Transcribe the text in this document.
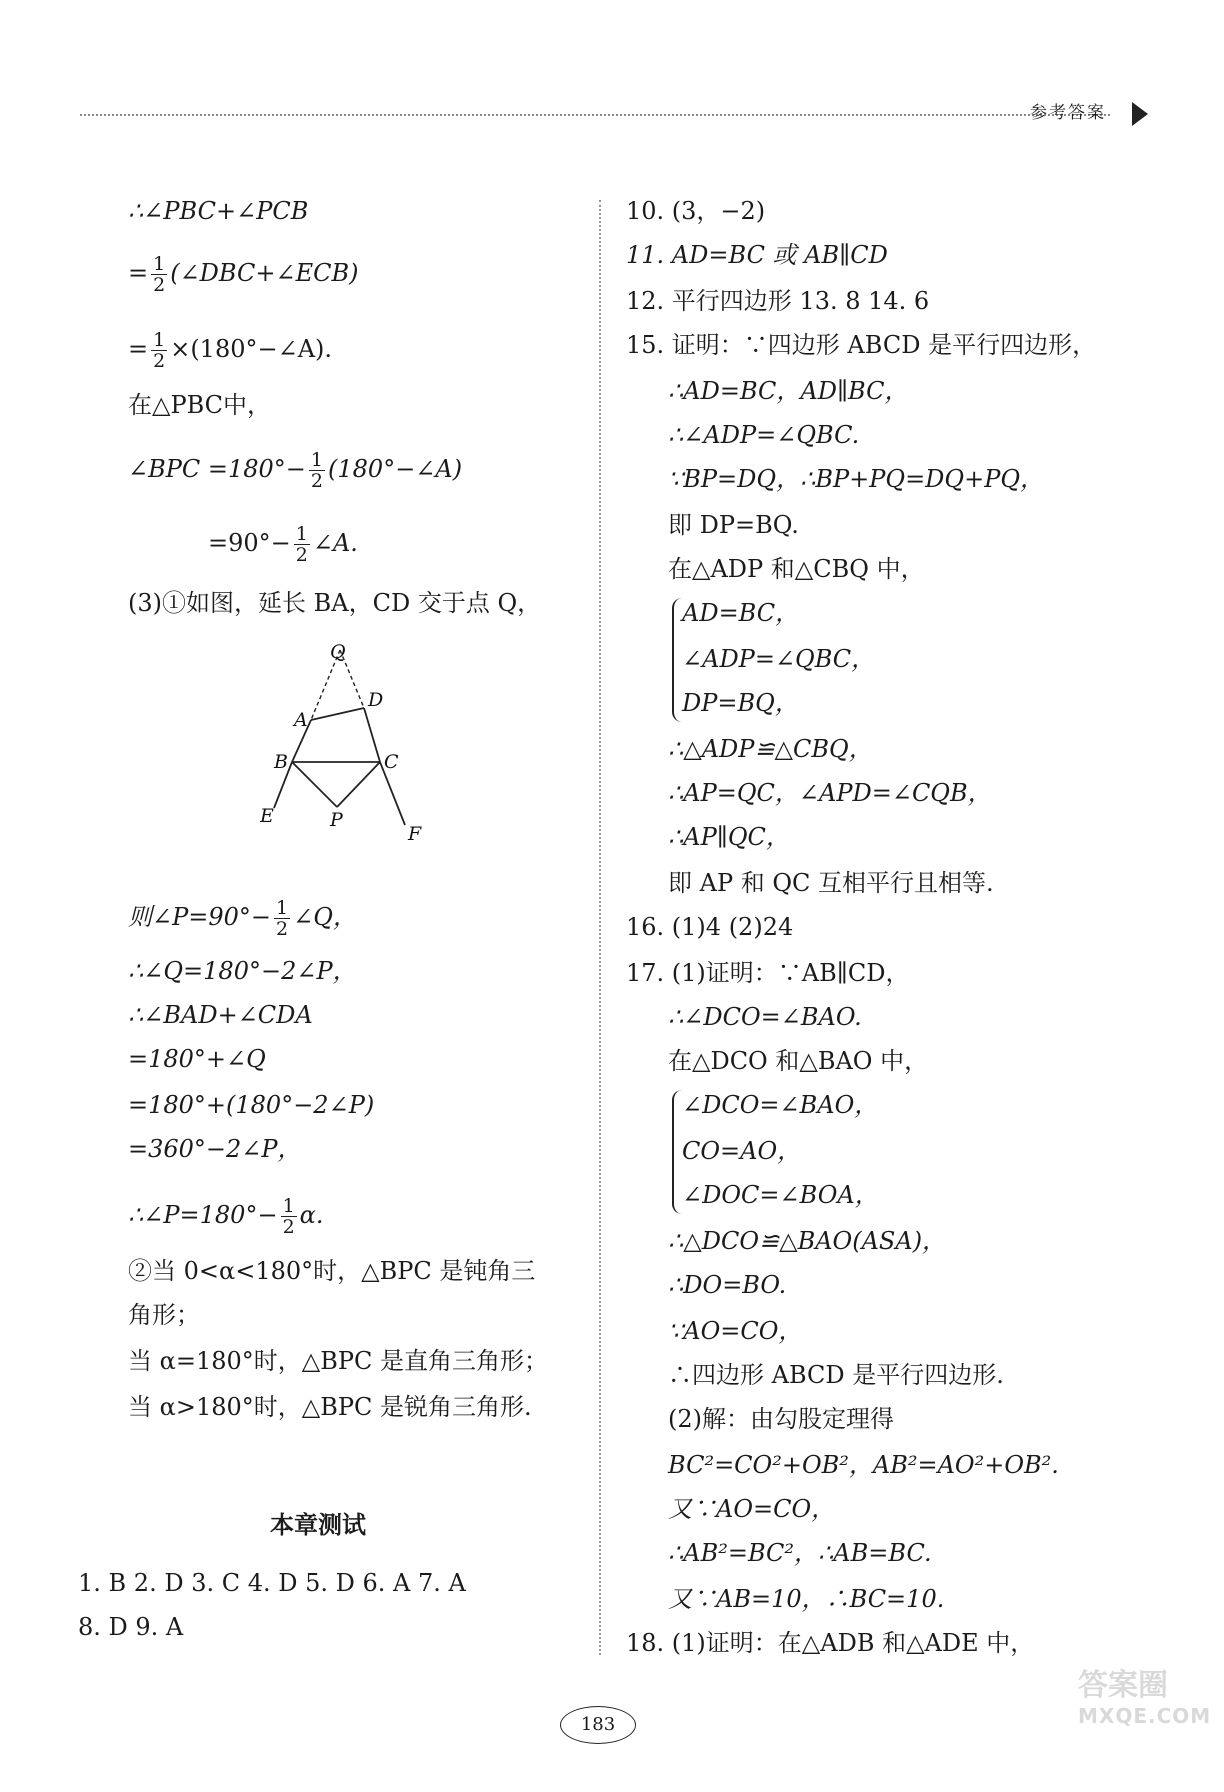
参考答案
∴∠PBC+∠PCB
= $\frac{1}{2}$ (∠DBC+∠ECB)
= $\frac{1}{2}$ ×(180°−∠A).
在△PBC中，
∠BPC $=180^\circ- \frac{1}{2}$ (180°−∠A)
$=90^\circ- \frac{1}{2}$ ∠A.
(3)①如图，延长 BA，CD 交于点 Q，
Q
D
A
B	C
E	P
F
则∠P=90°− $\frac{1}{2}$ ∠Q，
∴∠Q=180°−2∠P，
∴∠BAD+∠CDA
=180°+∠Q
=180°+(180°−2∠P)
=360°−2∠P，
∴∠P=180°− $\frac{1}{2} \alpha$.
②当 0<α<180°时，△BPC 是钝角三
角形；
当 α=180°时，△BPC 是直角三角形；
当 α>180°时，△BPC 是锐角三角形.
本章测试
1. B 2. D 3. C 4. D 5. D 6. A 7. A
8. D 9. A
10. (3，−2)
11. AD=BC 或 AB∥CD
12. 平行四边形 13. 8 14. 6
15. 证明：∵四边形 ABCD 是平行四边形，
∴AD=BC，AD∥BC，
∴∠ADP=∠QBC.
∵BP=DQ，∴BP+PQ=DQ+PQ，
即 DP=BQ.
在△ADP 和△CBQ 中，
AD=BC，
∠ADP=∠QBC，
DP=BQ，
∴△ADP≌△CBQ，
∴AP=QC，∠APD=∠CQB，
∴AP∥QC，
即 AP 和 QC 互相平行且相等.
16. (1)4 (2)24
17. (1)证明：∵AB∥CD，
∴∠DCO=∠BAO.
在△DCO 和△BAO 中，
∠DCO=∠BAO，
CO=AO，
∠DOC=∠BOA，
∴△DCO≌△BAO(ASA)，
∴DO=BO.
∵AO=CO，
∴四边形 ABCD 是平行四边形.
(2)解：由勾股定理得
BC²=CO²+OB²，AB²=AO²+OB².
又∵AO=CO，
∴AB²=BC²，∴AB=BC.
又∵AB=10，∴BC=10.
18. (1)证明：在△ADB 和△ADE 中，
183
答案圈
MXQE.COM
